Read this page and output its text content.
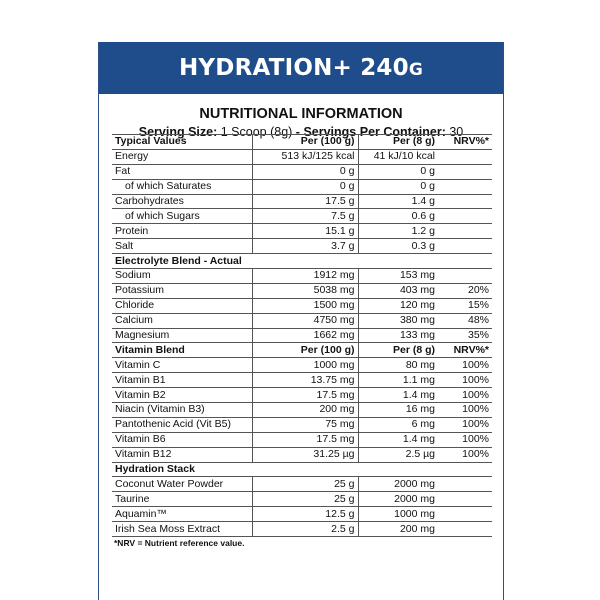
HYDRATION+ 240G
NUTRITIONAL INFORMATION
Serving Size: 1 Scoop (8g) - Servings Per Container: 30
Typical Values	Per (100 g)	Per (8 g)	NRV%*
Energy	513 kJ/125 kcal	41 kJ/10 kcal	
Fat	0 g	0 g	
of which Saturates	0 g	0 g	
Carbohydrates	17.5 g	1.4 g	
of which Sugars	7.5 g	0.6 g	
Protein	15.1 g	1.2 g	
Salt	3.7 g	0.3 g	
Electrolyte Blend - Actual			
Sodium	1912 mg	153 mg	
Potassium	5038 mg	403 mg	20%
Chloride	1500 mg	120 mg	15%
Calcium	4750 mg	380 mg	48%
Magnesium	1662 mg	133 mg	35%
Vitamin Blend	Per (100 g)	Per (8 g)	NRV%*
Vitamin C	1000 mg	80 mg	100%
Vitamin B1	13.75 mg	1.1 mg	100%
Vitamin B2	17.5 mg	1.4 mg	100%
Niacin (Vitamin B3)	200 mg	16 mg	100%
Pantothenic Acid (Vit B5)	75 mg	6 mg	100%
Vitamin B6	17.5 mg	1.4 mg	100%
Vitamin B12	31.25 µg	2.5 µg	100%
Hydration Stack			
Coconut Water Powder	25 g	2000 mg	
Taurine	25 g	2000 mg	
Aquamin™	12.5 g	1000 mg	
Irish Sea Moss Extract	2.5 g	200 mg	
*NRV = Nutrient reference value.
